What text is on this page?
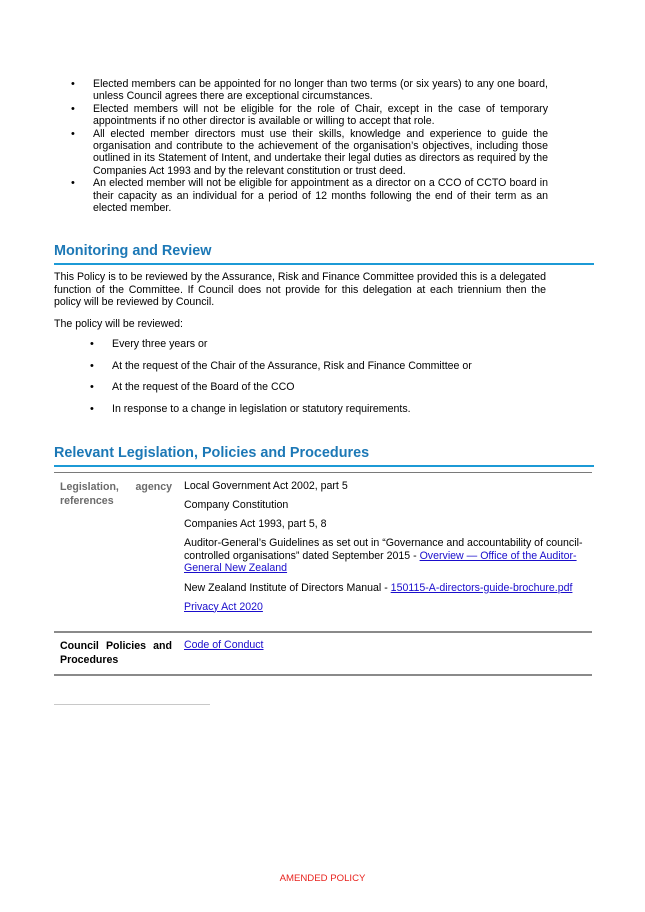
• Elected members can be appointed for no longer than two terms (or six years) to any one board, unless Council agrees there are exceptional circumstances.
• Elected members will not be eligible for the role of Chair, except in the case of temporary appointments if no other director is available or willing to accept that role.
• All elected member directors must use their skills, knowledge and experience to guide the organisation and contribute to the achievement of the organisation’s objectives, including those outlined in its Statement of Intent, and undertake their legal duties as directors as required by the Companies Act 1993 and by the relevant constitution or trust deed.
• An elected member will not be eligible for appointment as a director on a CCO of CCTO board in their capacity as an individual for a period of 12 months following the end of their term as an elected member.
Monitoring and Review

This Policy is to be reviewed by the Assurance, Risk and Finance Committee provided this is a delegated function of the Committee. If Council does not provide for this delegation at each triennium then the policy will be reviewed by Council.

The policy will be reviewed:

• Every three years or
• At the request of the Chair of the Assurance, Risk and Finance Committee or
• At the request of the Board of the CCO
• In response to a change in legislation or statutory requirements.
Relevant Legislation, Policies and Procedures
Legislation, agency
references
Local Government Act 2002, part 5
Company Constitution
Companies Act 1993, part 5, 8
Auditor-General’s Guidelines as set out in “Governance and accountability of council-controlled organisations” dated September 2015 - Overview — Office of the Auditor-General New Zealand
New Zealand Institute of Directors Manual - 150115-A-directors-guide-brochure.pdf
Privacy Act 2020
Council Policies and
Procedures
Code of Conduct
AMENDED POLICY
